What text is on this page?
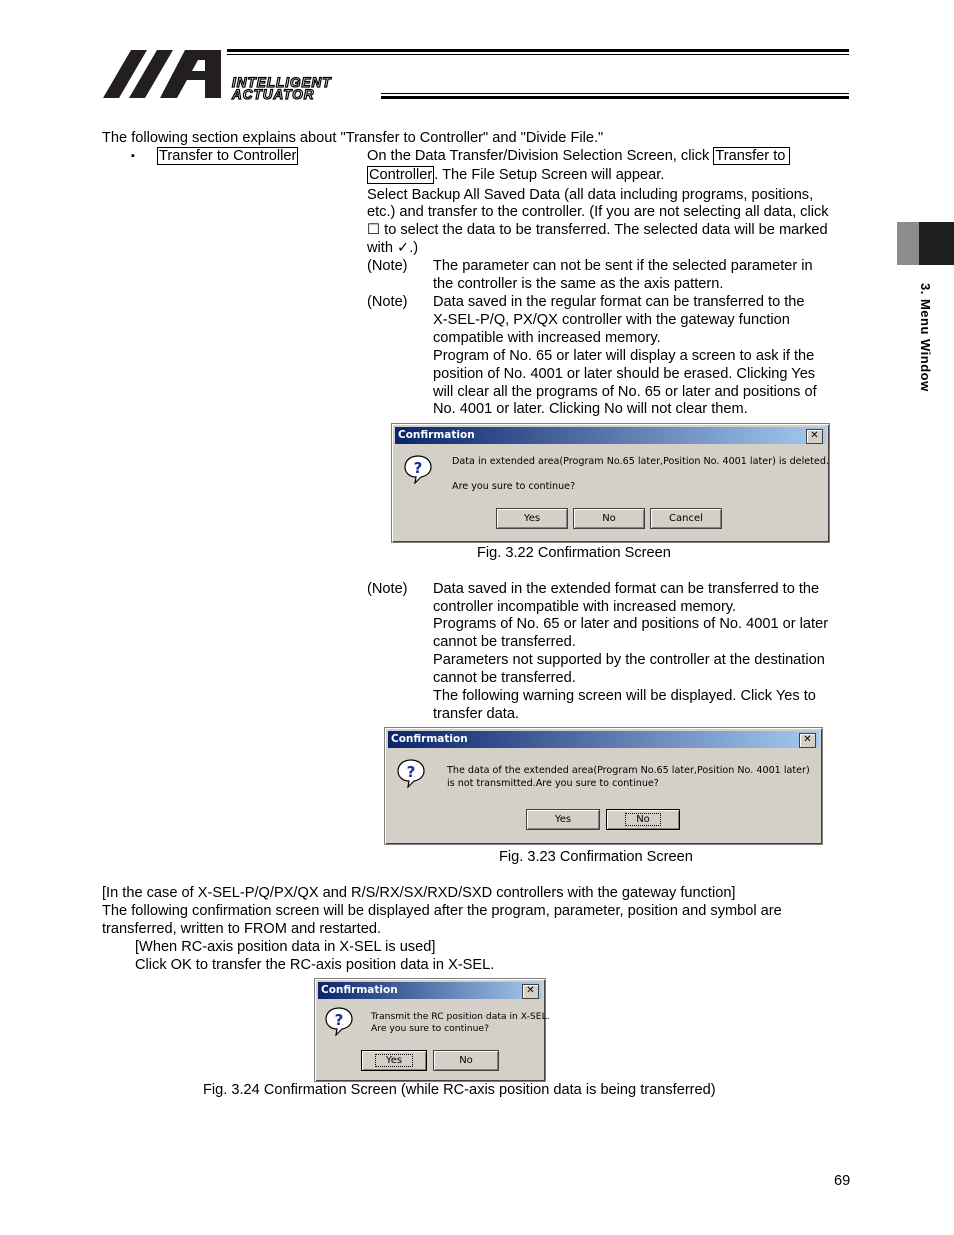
INTELLIGENT
ACTUATOR
3. Menu Window
The following section explains about "Transfer to Controller" and "Divide File."
▪ Transfer to Controller	On the Data Transfer/Division Selection Screen, click Transfer to
Controller . The File Setup Screen will appear.
Select Backup All Saved Data (all data including programs, positions,
etc.) and transfer to the controller. (If you are not selecting all data, click
☐ to select the data to be transferred. The selected data will be marked
with ✓.)
(Note) The parameter can not be sent if the selected parameter in
the controller is the same as the axis pattern.
(Note) Data saved in the regular format can be transferred to the
X-SEL-P/Q, PX/QX controller with the gateway function
compatible with increased memory.
Program of No. 65 or later will display a screen to ask if the
position of No. 4001 or later should be erased. Clicking Yes
will clear all the programs of No. 65 or later and positions of
No. 4001 or later. Clicking No will not clear them.
Confirmation	✕
?	Data in extended area(Program No.65 later,Position No. 4001 later) is deleted.
Are you sure to continue?
Yes	No	Cancel
Fig. 3.22 Confirmation Screen
(Note) Data saved in the extended format can be transferred to the
controller incompatible with increased memory.
Programs of No. 65 or later and positions of No. 4001 or later
cannot be transferred.
Parameters not supported by the controller at the destination
cannot be transferred.
The following warning screen will be displayed. Click Yes to
transfer data.
Confirmation	✕
?	The data of the extended area(Program No.65 later,Position No. 4001 later)
is not transmitted.Are you sure to continue?
Yes	No
Fig. 3.23 Confirmation Screen
[In the case of X-SEL-P/Q/PX/QX and R/S/RX/SX/RXD/SXD controllers with the gateway function]
The following confirmation screen will be displayed after the program, parameter, position and symbol are
transferred, written to FROM and restarted.
[When RC-axis position data in X-SEL is used]
Click OK to transfer the RC-axis position data in X-SEL.
Confirmation	✕
?	Transmit the RC position data in X-SEL.
Are you sure to continue?
Yes	No
Fig. 3.24 Confirmation Screen (while RC-axis position data is being transferred)
69
